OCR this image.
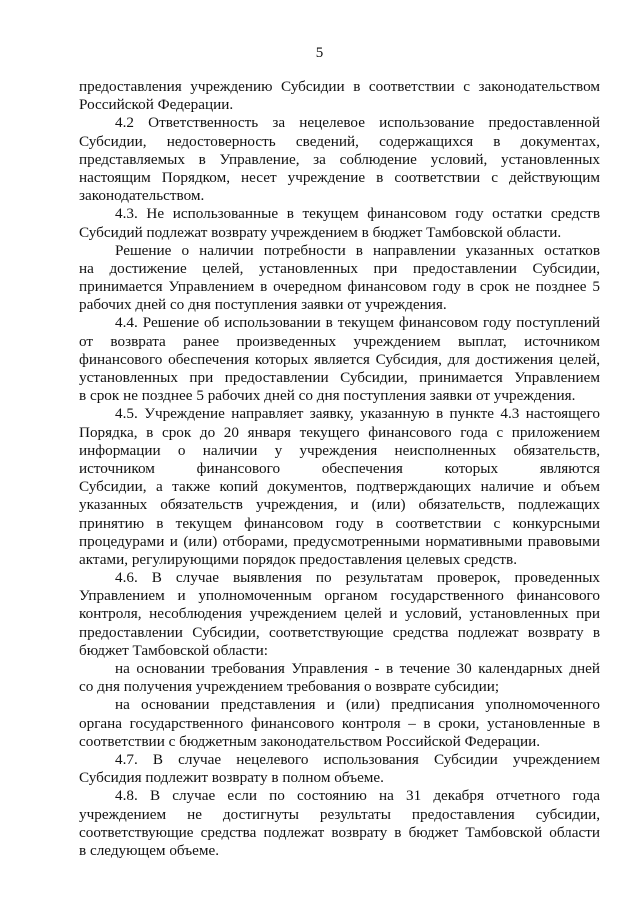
5
предоставления учреждению Субсидии в соответствии с законодательством
Российской Федерации.
4.2 Ответственность за нецелевое использование предоставленной
Субсидии, недостоверность сведений, содержащихся в документах,
представляемых в Управление, за соблюдение условий, установленных
настоящим Порядком, несет учреждение в соответствии с действующим
законодательством.
4.3. Не использованные в текущем финансовом году остатки средств
Субсидий подлежат возврату учреждением в бюджет Тамбовской области.
Решение о наличии потребности в направлении указанных остатков
на достижение целей, установленных при предоставлении Субсидии,
принимается Управлением в очередном финансовом году в срок не позднее 5
рабочих дней со дня поступления заявки от учреждения.
4.4. Решение об использовании в текущем финансовом году поступлений
от возврата ранее произведенных учреждением выплат, источником
финансового обеспечения которых является Субсидия, для достижения целей,
установленных при предоставлении Субсидии, принимается Управлением
в срок не позднее 5 рабочих дней со дня поступления заявки от учреждения.
4.5. Учреждение направляет заявку, указанную в пункте 4.3 настоящего
Порядка, в срок до 20 января текущего финансового года с приложением
информации о наличии у учреждения неисполненных обязательств,
источником финансового обеспечения которых являются
Субсидии, а также копий документов, подтверждающих наличие и объем
указанных обязательств учреждения, и (или) обязательств, подлежащих
принятию в текущем финансовом году в соответствии с конкурсными
процедурами и (или) отборами, предусмотренными нормативными правовыми
актами, регулирующими порядок предоставления целевых средств.
4.6. В случае выявления по результатам проверок, проведенных
Управлением и уполномоченным органом государственного финансового
контроля, несоблюдения учреждением целей и условий, установленных при
предоставлении Субсидии, соответствующие средства подлежат возврату в
бюджет Тамбовской области:
на основании требования Управления - в течение 30 календарных дней
со дня получения учреждением требования о возврате субсидии;
на основании представления и (или) предписания уполномоченного
органа государственного финансового контроля – в сроки, установленные в
соответствии с бюджетным законодательством Российской Федерации.
4.7. В случае нецелевого использования Субсидии учреждением
Субсидия подлежит возврату в полном объеме.
4.8. В случае если по состоянию на 31 декабря отчетного года
учреждением не достигнуты результаты предоставления субсидии,
соответствующие средства подлежат возврату в бюджет Тамбовской области
в следующем объеме.
